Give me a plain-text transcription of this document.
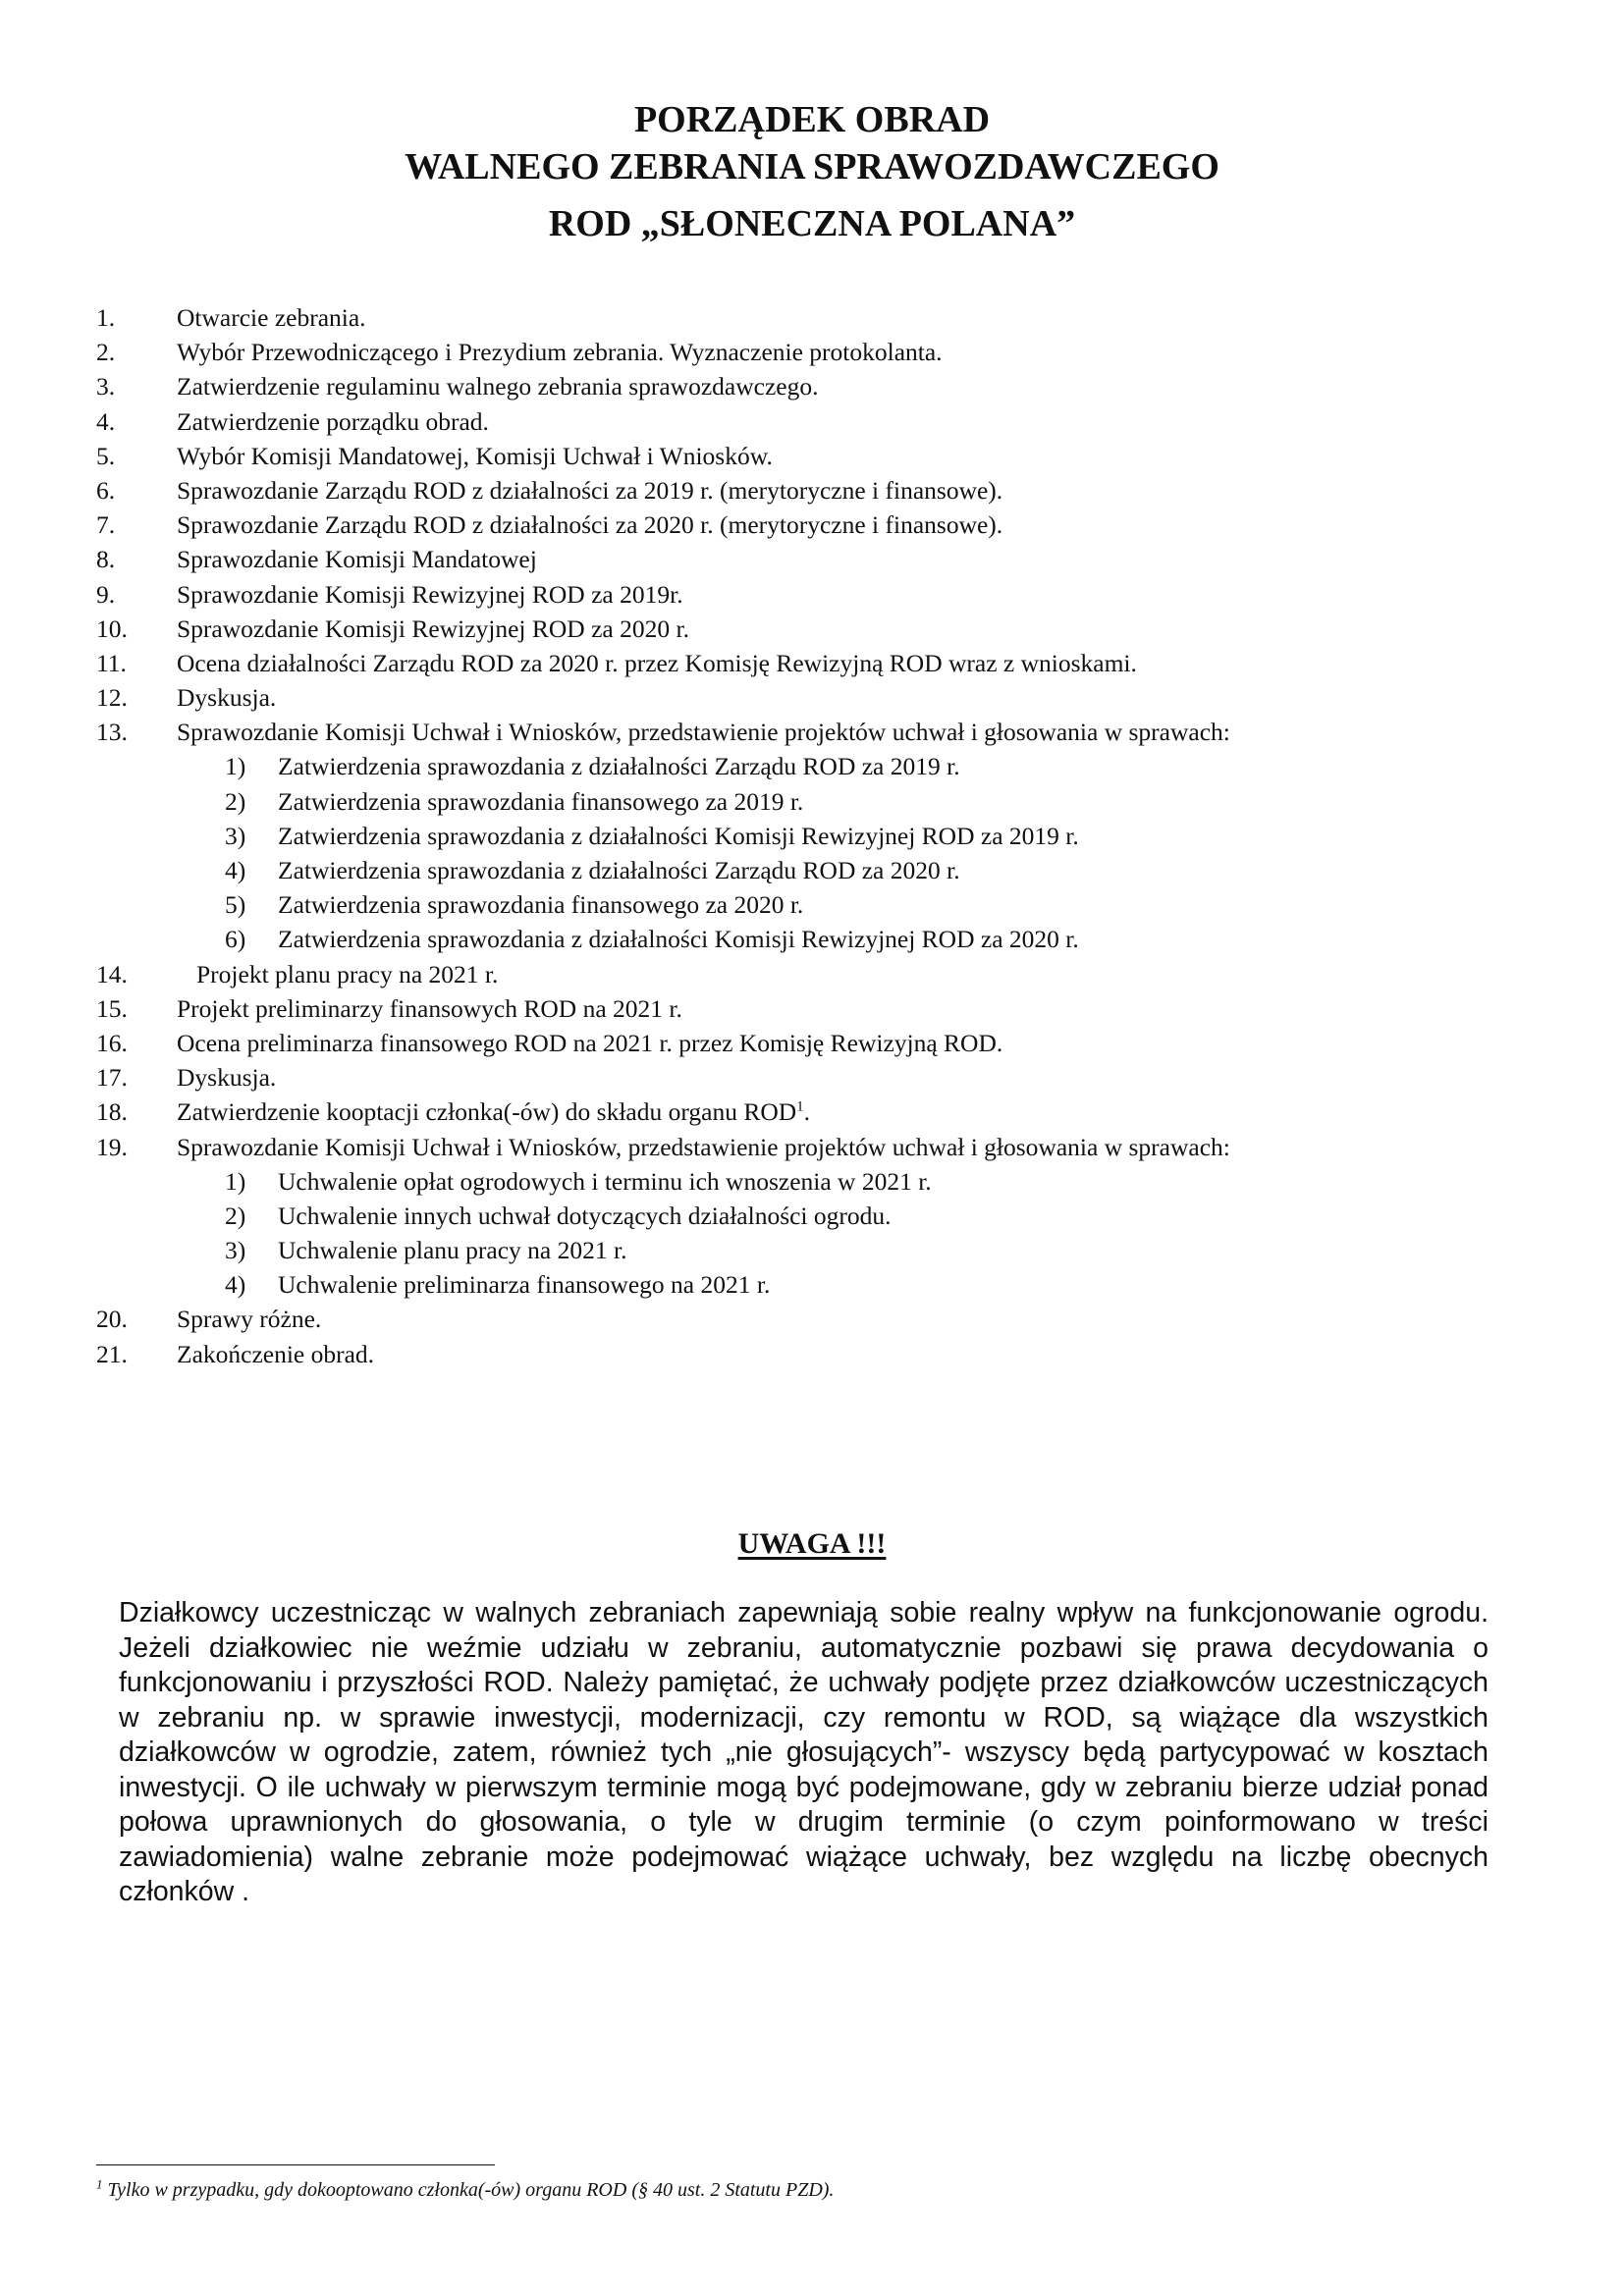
PORZĄDEK OBRAD
WALNEGO ZEBRANIA SPRAWOZDAWCZEGO
ROD „SŁONECZNA POLANA”
1. Otwarcie zebrania.
2. Wybór Przewodniczącego i Prezydium zebrania. Wyznaczenie protokolanta.
3. Zatwierdzenie regulaminu walnego zebrania sprawozdawczego.
4. Zatwierdzenie porządku obrad.
5. Wybór Komisji Mandatowej, Komisji Uchwał i Wniosków.
6. Sprawozdanie Zarządu ROD z działalności za 2019 r. (merytoryczne i finansowe).
7. Sprawozdanie Zarządu ROD z działalności za 2020 r. (merytoryczne i finansowe).
8. Sprawozdanie Komisji Mandatowej
9. Sprawozdanie Komisji Rewizyjnej ROD za 2019r.
10. Sprawozdanie Komisji Rewizyjnej ROD za 2020 r.
11. Ocena działalności Zarządu ROD za 2020 r. przez Komisję Rewizyjną ROD wraz z wnioskami.
12. Dyskusja.
13. Sprawozdanie Komisji Uchwał i Wniosków, przedstawienie projektów uchwał i głosowania w sprawach:
1) Zatwierdzenia sprawozdania z działalności Zarządu ROD za 2019 r.
2) Zatwierdzenia sprawozdania finansowego za 2019 r.
3) Zatwierdzenia sprawozdania z działalności Komisji Rewizyjnej ROD za 2019 r.
4) Zatwierdzenia sprawozdania z działalności Zarządu ROD za 2020 r.
5) Zatwierdzenia sprawozdania finansowego za 2020 r.
6) Zatwierdzenia sprawozdania z działalności Komisji Rewizyjnej ROD za 2020 r.
14.	Projekt planu pracy na 2021 r.
15. Projekt preliminarzy finansowych ROD na 2021 r.
16. Ocena preliminarza finansowego ROD na 2021 r. przez Komisję Rewizyjną ROD.
17. Dyskusja.
18. Zatwierdzenie kooptacji członka(-ów) do składu organu ROD$^1$.
19. Sprawozdanie Komisji Uchwał i Wniosków, przedstawienie projektów uchwał i głosowania w sprawach:
1) Uchwalenie opłat ogrodowych i terminu ich wnoszenia w 2021 r.
2) Uchwalenie innych uchwał dotyczących działalności ogrodu.
3) Uchwalenie planu pracy na 2021 r.
4) Uchwalenie preliminarza finansowego na 2021 r.
20. Sprawy różne.
21. Zakończenie obrad.
UWAGA !!!
Działkowcy uczestnicząc w walnych zebraniach zapewniają sobie realny wpływ na funkcjonowanie ogrodu. Jeżeli działkowiec nie weźmie udziału w zebraniu, automatycznie pozbawi się prawa decydowania o funkcjonowaniu i przyszłości ROD. Należy pamiętać, że uchwały podjęte przez działkowców uczestniczących w zebraniu np. w sprawie inwestycji, modernizacji, czy remontu w ROD, są wiążące dla wszystkich działkowców w ogrodzie, zatem, również tych „nie głosujących”- wszyscy będą partycypować w kosztach inwestycji. O ile uchwały w pierwszym terminie mogą być podejmowane, gdy w zebraniu bierze udział ponad połowa uprawnionych do głosowania, o tyle w drugim terminie (o czym poinformowano w treści zawiadomienia) walne zebranie może podejmować wiążące uchwały, bez względu na liczbę obecnych członków .
$^1$ Tylko w przypadku, gdy dokooptowano członka(-ów) organu ROD (§ 40 ust. 2 Statutu PZD).
